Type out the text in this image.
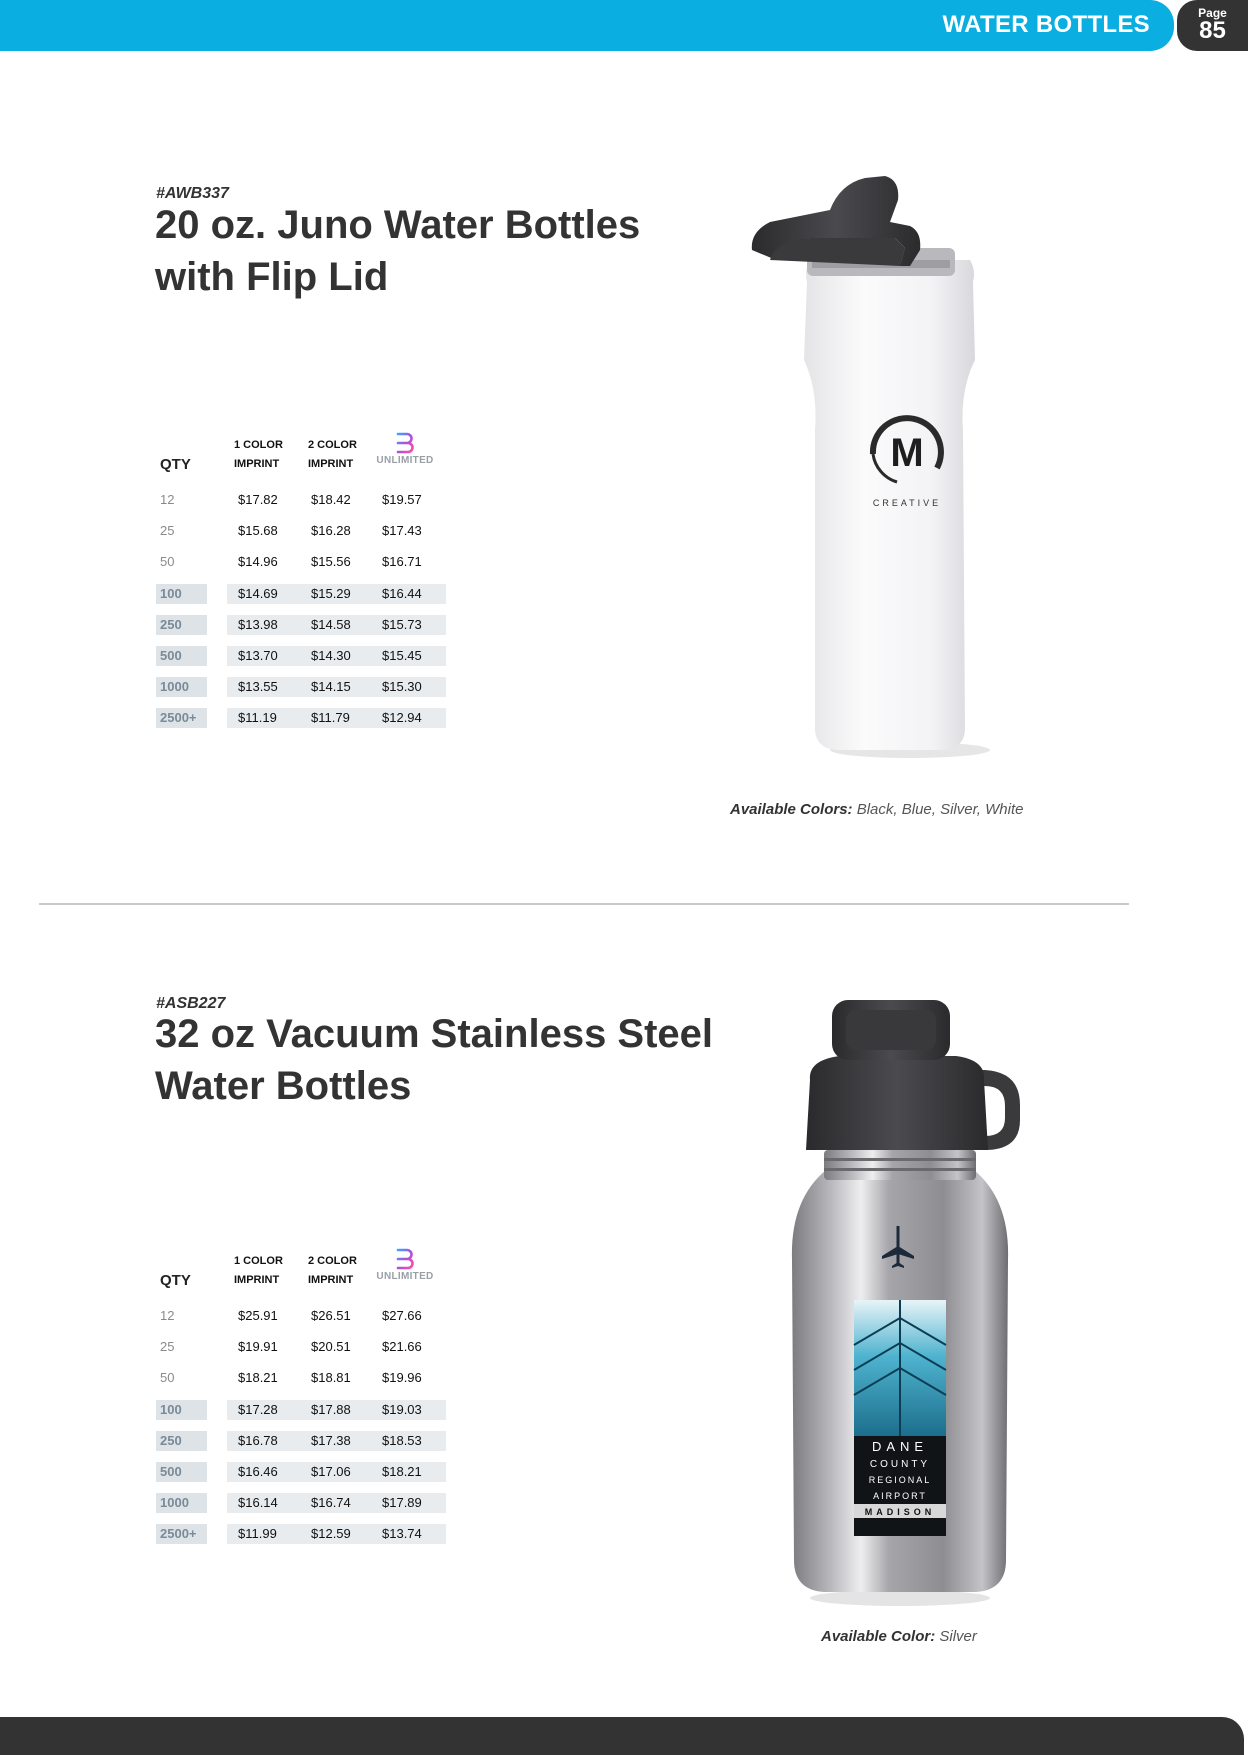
WATER BOTTLES	Page
85
#AWB337
20 oz. Juno Water Bottles
with Flip Lid
QTY
1 COLOR
IMPRINT
2 COLOR
IMPRINT	UNLIMITED
12	$17.82	$18.42 $19.57
25	$15.68	$16.28 $17.43
50	$14.96	$15.56 $16.71
100	$14.69	$15.29 $16.44
250	$13.98	$14.58 $15.73
500	$13.70	$14.30 $15.45
1000	$13.55	$14.15 $15.30
2500+	$11.19	$11.79 $12.94
M
CREATIVE
Available Colors: Black, Blue, Silver, White
#ASB227
32 oz Vacuum Stainless Steel
Water Bottles
QTY
1 COLOR
IMPRINT
2 COLOR
IMPRINT	UNLIMITED
12	$25.91	$26.51 $27.66
25	$19.91	$20.51 $21.66
50	$18.21	$18.81 $19.96
100	$17.28	$17.88 $19.03
250	$16.78	$17.38 $18.53
500	$16.46	$17.06 $18.21
1000	$16.14	$16.74 $17.89
2500+	$11.99	$12.59 $13.74
DANE
COUNTY
REGIONAL
AIRPORT
MADISON
Available Color: Silver
